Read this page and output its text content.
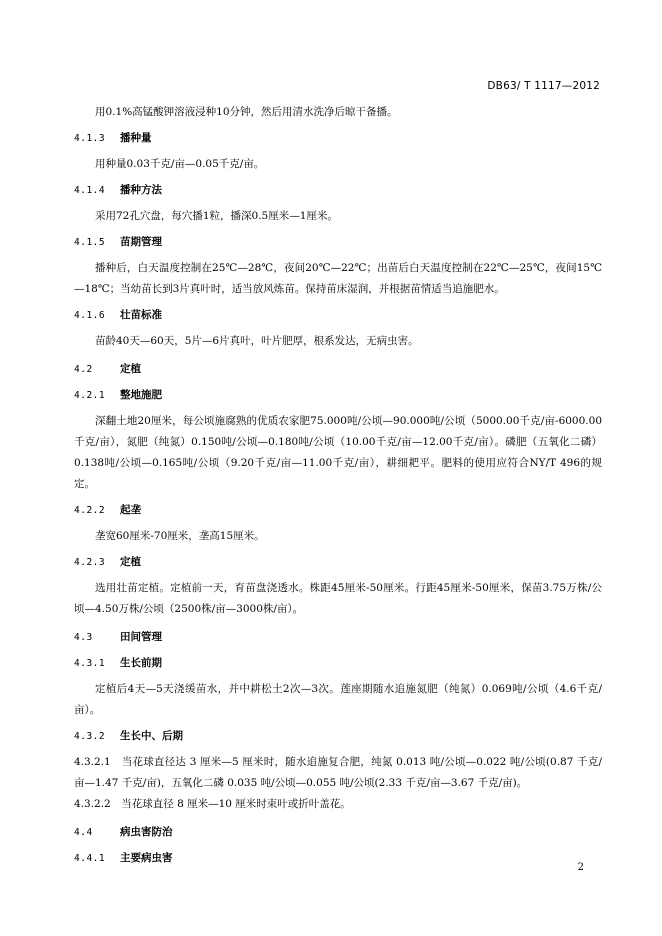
DB63/ T 1117—2012

用0.1%高锰酸钾溶液浸种10分钟，然后用清水洗净后晾干备播。

4.1.3	播种量

用种量0.03千克/亩—0.05千克/亩。

4.1.4	播种方法

采用72孔穴盘，每穴播1粒，播深0.5厘米—1厘米。

4.1.5	苗期管理

播种后，白天温度控制在25℃—28℃，夜间20℃—22℃；出苗后白天温度控制在22℃—25℃，夜间15℃—18℃；当幼苗长到3片真叶时，适当放风炼苗。保持苗床湿润，并根据苗情适当追施肥水。

4.1.6	壮苗标准

苗龄40天—60天，5片—6片真叶，叶片肥厚，根系发达，无病虫害。

4.2	定植
4.2.1	整地施肥

深翻土地20厘米，每公顷施腐熟的优质农家肥75.000吨/公顷—90.000吨/公顷（5000.00千克/亩-6000.00千克/亩），氮肥（纯氮）0.150吨/公顷—0.180吨/公顷（10.00千克/亩—12.00千克/亩）。磷肥（五氧化二磷）0.138吨/公顷—0.165吨/公顷（9.20千克/亩—11.00千克/亩），耕细耙平。肥料的使用应符合NY/T 496的规定。

4.2.2	起垄

垄宽60厘米-70厘米，垄高15厘米。

4.2.3	定植

选用壮苗定植。定植前一天，育苗盘浇透水。株距45厘米-50厘米。行距45厘米-50厘米，保苗3.75万株/公顷—4.50万株/公顷（2500株/亩—3000株/亩）。

4.3	田间管理
4.3.1	生长前期

定植后4天—5天浇缓苗水，并中耕松土2次—3次。莲座期随水追施氮肥（纯氮）0.069吨/公顷（4.6千克/亩）。

4.3.2	生长中、后期

4.3.2.1　当花球直径达 3 厘米—5 厘米时，随水追施复合肥，纯氮 0.013 吨/公顷—0.022 吨/公顷(0.87 千克/亩—1.47 千克/亩)，五氧化二磷 0.035 吨/公顷—0.055 吨/公顷(2.33 千克/亩—3.67 千克/亩)。

4.3.2.2　当花球直径 8 厘米—10 厘米时束叶或折叶盖花。

4.4	病虫害防治
4.4.1	主要病虫害
2
